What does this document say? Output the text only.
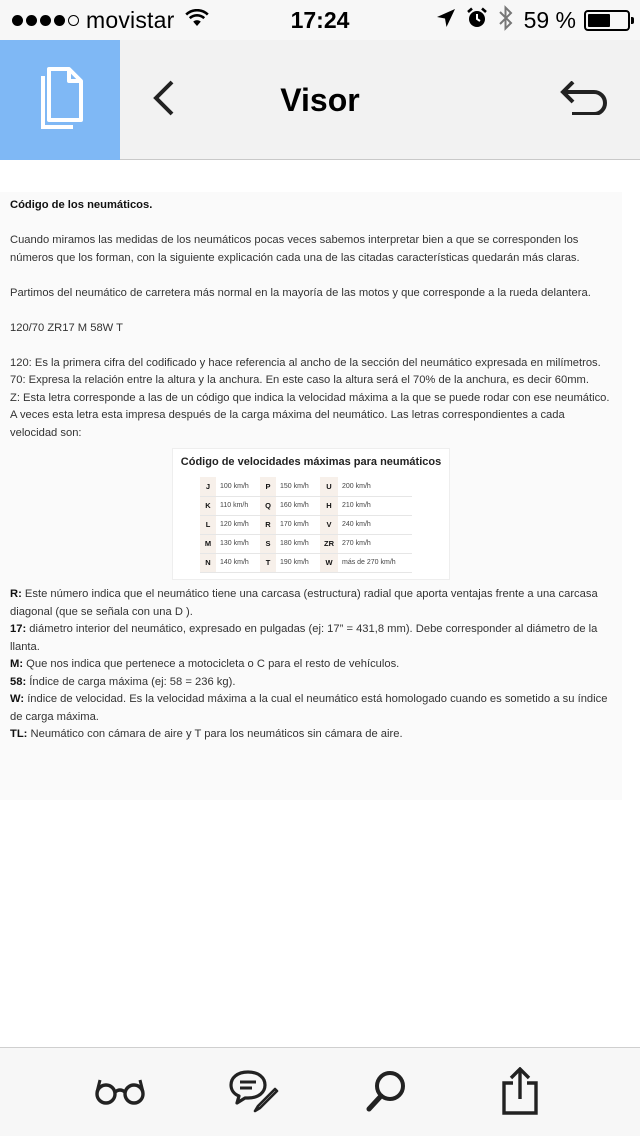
movistar	17:24	59 %
Visor

Código de los neumáticos.

Cuando miramos las medidas de los neumáticos pocas veces sabemos interpretar bien a que se corresponden los números que los forman, con la siguiente explicación cada una de las citadas características quedarán más claras.

Partimos del neumático de carretera más normal en la mayoría de las motos y que corresponde a la rueda delantera.

120/70 ZR17 M 58W T

120: Es la primera cifra del codificado y hace referencia al ancho de la sección del neumático expresada en milímetros.

70: Expresa la relación entre la altura y la anchura. En este caso la altura será el 70% de la anchura, es decir 60mm.

Z: Esta letra corresponde a las de un código que indica la velocidad máxima a la que se puede rodar con ese neumático. A veces esta letra esta impresa después de la carga máxima del neumático. Las letras correspondientes a cada velocidad son:

Código de velocidades máximas para neumáticos
J	100 km/h	P	150 km/h	U	200 km/h
K	110 km/h	Q	160 km/h	H	210 km/h
L	120 km/h	R	170 km/h	V	240 km/h
M	130 km/h	S	180 km/h	ZR	270 km/h
N	140 km/h	T	190 km/h	W	más de 270 km/h

R: Este número indica que el neumático tiene una carcasa (estructura) radial que aporta ventajas frente a una carcasa diagonal (que se señala con una D ).

17: diámetro interior del neumático, expresado en pulgadas (ej: 17” = 431,8 mm). Debe corresponder al diámetro de la llanta.

M: Que nos indica que pertenece a motocicleta o C para el resto de vehículos.

58: Índice de carga máxima (ej: 58 = 236 kg).

W: índice de velocidad. Es la velocidad máxima a la cual el neumático está homologado cuando es sometido a su índice de carga máxima.

TL: Neumático con cámara de aire y T para los neumáticos sin cámara de aire.
